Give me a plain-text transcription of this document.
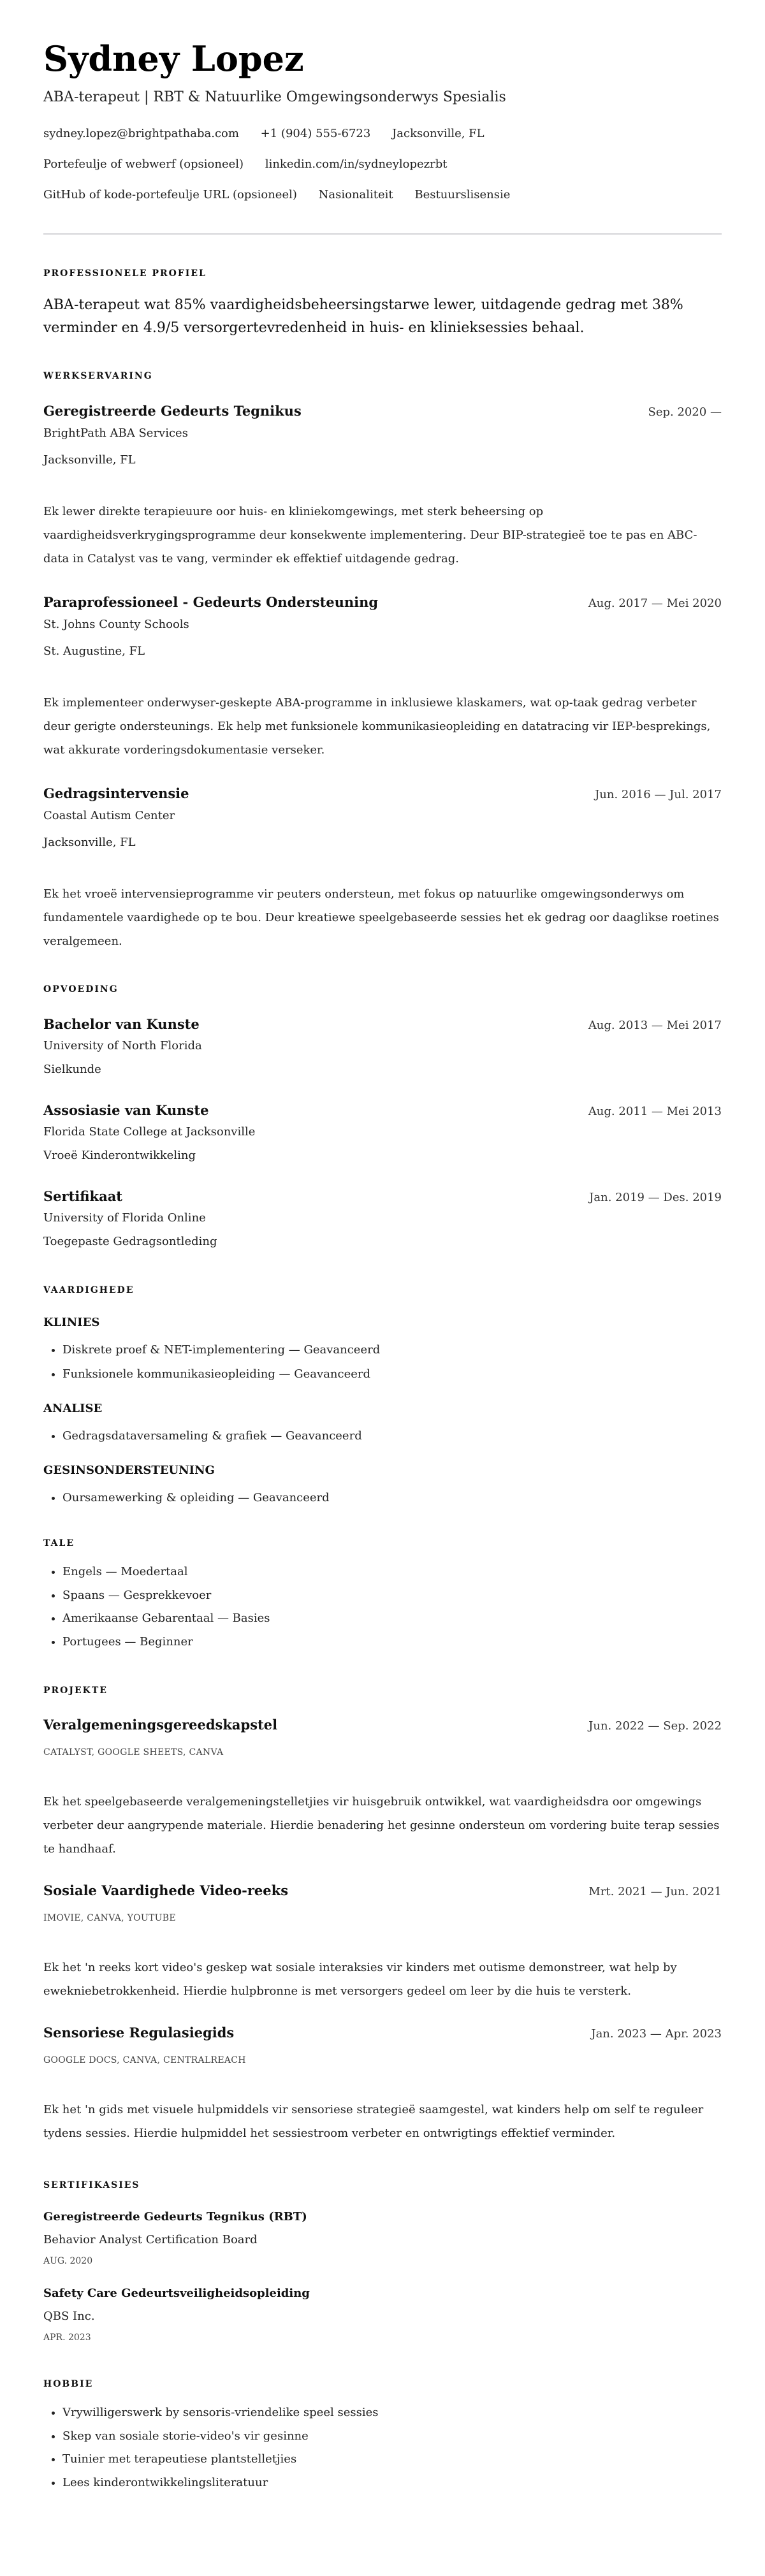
Sydney Lopez
ABA-terapeut | RBT & Natuurlike Omgewingsonderwys Spesialis
sydney.lopez@brightpathaba.com +1 (904) 555-6723 Jacksonville, FL
Portefeulje of webwerf (opsioneel) linkedin.com/in/sydneylopezrbt
GitHub of kode-portefeulje URL (opsioneel) Nasionaliteit Bestuurslisensie
PROFESSIONELE PROFIEL
ABA-terapeut wat 85% vaardigheidsbeheersingstarwe lewer, uitdagende gedrag met 38% verminder en 4.9/5 versorgertevredenheid in huis- en klinieksessies behaal.
WERKSERVARING
Geregistreerde Gedeurts Tegnikus	Sep. 2020 —
BrightPath ABA Services
Jacksonville, FL
Ek lewer direkte terapieuure oor huis- en kliniekomgewings, met sterk beheersing op vaardigheidsverkrygingsprogramme deur konsekwente implementering. Deur BIP-strategieë toe te pas en ABC-data in Catalyst vas te vang, verminder ek effektief uitdagende gedrag.
Paraprofessioneel - Gedeurts Ondersteuning	Aug. 2017 — Mei 2020
St. Johns County Schools
St. Augustine, FL
Ek implementeer onderwyser-geskepte ABA-programme in inklusiewe klaskamers, wat op-taak gedrag verbeter deur gerigte ondersteunings. Ek help met funksionele kommunikasieopleiding en datatracing vir IEP-besprekings, wat akkurate vorderingsdokumentasie verseker.
Gedragsintervensie	Jun. 2016 — Jul. 2017
Coastal Autism Center
Jacksonville, FL
Ek het vroeë intervensieprogramme vir peuters ondersteun, met fokus op natuurlike omgewingsonderwys om fundamentele vaardighede op te bou. Deur kreatiewe speelgebaseerde sessies het ek gedrag oor daaglikse roetines veralgemeen.
OPVOEDING
Bachelor van Kunste	Aug. 2013 — Mei 2017
University of North Florida
Sielkunde
Assosiasie van Kunste	Aug. 2011 — Mei 2013
Florida State College at Jacksonville
Vroeë Kinderontwikkeling
Sertifikaat	Jan. 2019 — Des. 2019
University of Florida Online
Toegepaste Gedragsontleding
VAARDIGHEDE
KLINIES
• Diskrete proef & NET-implementering — Geavanceerd
• Funksionele kommunikasieopleiding — Geavanceerd
ANALISE
• Gedragsdataversameling & grafiek — Geavanceerd
GESINSONDERSTEUNING
• Oursamewerking & opleiding — Geavanceerd
TALE
• Engels — Moedertaal
• Spaans — Gesprekkevoer
• Amerikaanse Gebarentaal — Basies
• Portugees — Beginner
PROJEKTE
Veralgemeningsgereedskapstel	Jun. 2022 — Sep. 2022
CATALYST, GOOGLE SHEETS, CANVA
Ek het speelgebaseerde veralgemeningstelletjies vir huisgebruik ontwikkel, wat vaardigheidsdra oor omgewings verbeter deur aangrypende materiale. Hierdie benadering het gesinne ondersteun om vordering buite terap sessies te handhaaf.
Sosiale Vaardighede Video-reeks	Mrt. 2021 — Jun. 2021
IMOVIE, CANVA, YOUTUBE
Ek het 'n reeks kort video's geskep wat sosiale interaksies vir kinders met outisme demonstreer, wat help by ewekniebetrokkenheid. Hierdie hulpbronne is met versorgers gedeel om leer by die huis te versterk.
Sensoriese Regulasiegids	Jan. 2023 — Apr. 2023
GOOGLE DOCS, CANVA, CENTRALREACH
Ek het 'n gids met visuele hulpmiddels vir sensoriese strategieë saamgestel, wat kinders help om self te reguleer tydens sessies. Hierdie hulpmiddel het sessiestroom verbeter en ontwrigtings effektief verminder.
SERTIFIKASIES
Geregistreerde Gedeurts Tegnikus (RBT)
Behavior Analyst Certification Board
AUG. 2020
Safety Care Gedeurtsveiligheidsopleiding
QBS Inc.
APR. 2023
HOBBIE
• Vrywilligerswerk by sensoris-vriendelike speel sessies
• Skep van sosiale storie-video's vir gesinne
• Tuinier met terapeutiese plantstelletjies
• Lees kinderontwikkelingsliteratuur
